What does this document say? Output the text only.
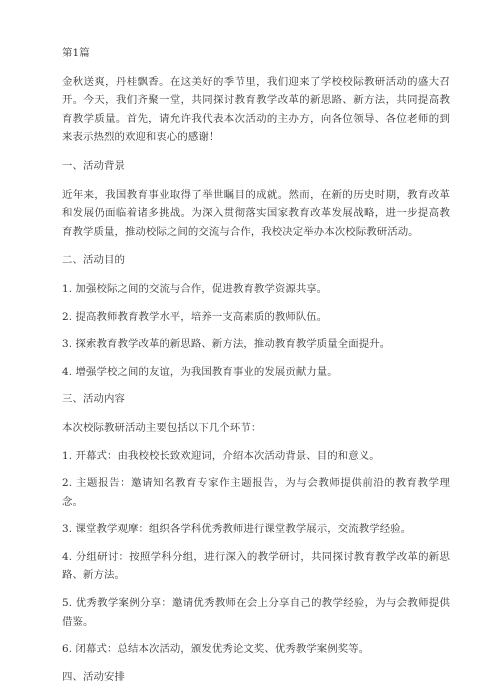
第1篇

金秋送爽，丹桂飘香。在这美好的季节里，我们迎来了学校校际教研活动的盛大召开。今天，我们齐聚一堂，共同探讨教育教学改革的新思路、新方法，共同提高教育教学质量。首先，请允许我代表本次活动的主办方，向各位领导、各位老师的到来表示热烈的欢迎和衷心的感谢！

一、活动背景

近年来，我国教育事业取得了举世瞩目的成就。然而，在新的历史时期，教育改革和发展仍面临着诸多挑战。为深入贯彻落实国家教育改革发展战略，进一步提高教育教学质量，推动校际之间的交流与合作，我校决定举办本次校际教研活动。

二、活动目的

1. 加强校际之间的交流与合作，促进教育教学资源共享。

2. 提高教师教育教学水平，培养一支高素质的教师队伍。

3. 探索教育教学改革的新思路、新方法，推动教育教学质量全面提升。

4. 增强学校之间的友谊，为我国教育事业的发展贡献力量。

三、活动内容

本次校际教研活动主要包括以下几个环节：

1. 开幕式：由我校校长致欢迎词，介绍本次活动背景、目的和意义。

2. 主题报告：邀请知名教育专家作主题报告，为与会教师提供前沿的教育教学理念。

3. 课堂教学观摩：组织各学科优秀教师进行课堂教学展示，交流教学经验。

4. 分组研讨：按照学科分组，进行深入的教学研讨，共同探讨教育教学改革的新思路、新方法。

5. 优秀教学案例分享：邀请优秀教师在会上分享自己的教学经验，为与会教师提供借鉴。

6. 闭幕式：总结本次活动，颁发优秀论文奖、优秀教学案例奖等。

四、活动安排
